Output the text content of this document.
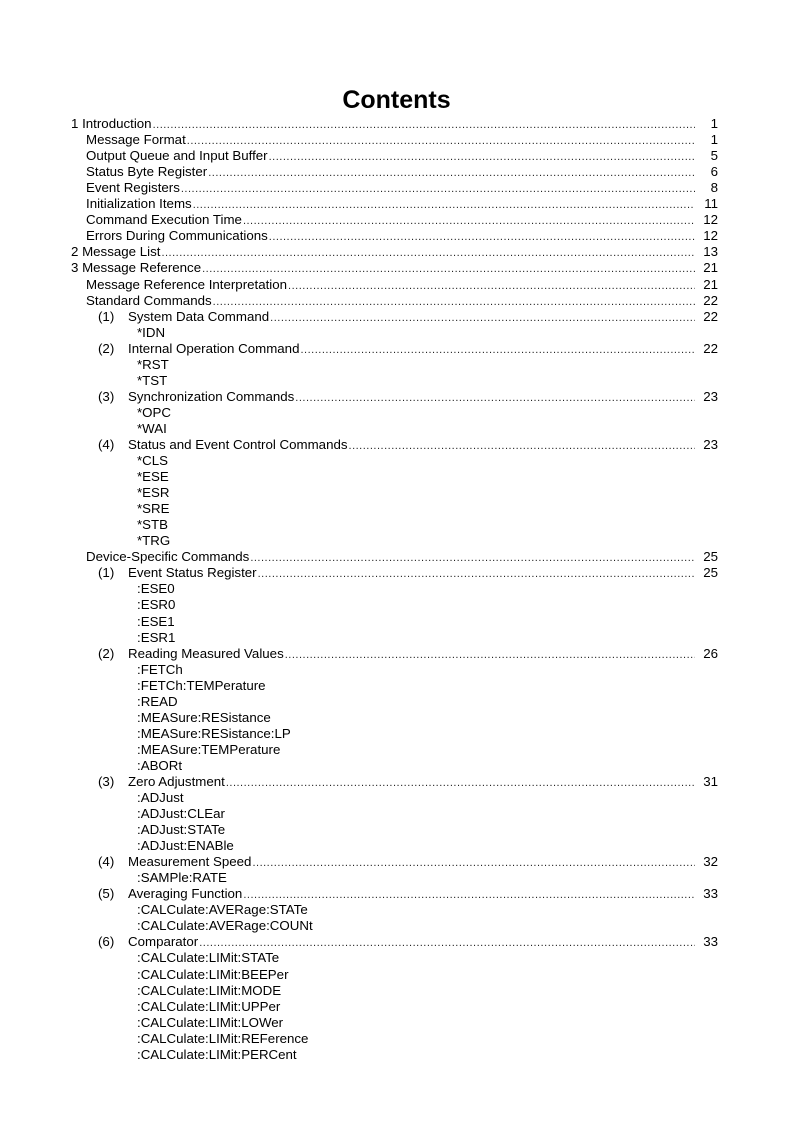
Contents
1 Introduction .....	1
Message Format .....	1
Output Queue and Input Buffer .....	5
Status Byte Register .....	6
Event Registers .....	8
Initialization Items .....	11
Command Execution Time .....	12
Errors During Communications .....	12
2 Message List .....	13
3 Message Reference .....	21
Message Reference Interpretation .....	21
Standard Commands .....	22
(1)	System Data Command .....	22
*IDN
(2)	Internal Operation Command .....	22
*RST
*TST
(3)	Synchronization Commands .....	23
*OPC
*WAI
(4)	Status and Event Control Commands .....	23
*CLS
*ESE
*ESR
*SRE
*STB
*TRG
Device-Specific Commands .....	25
(1)	Event Status Register .....	25
:ESE0
:ESR0
:ESE1
:ESR1
(2)	Reading Measured Values .....	26
:FETCh
:FETCh:TEMPerature
:READ
:MEASure:RESistance
:MEASure:RESistance:LP
:MEASure:TEMPerature
:ABORt
(3)	Zero Adjustment .....	31
:ADJust
:ADJust:CLEar
:ADJust:STATe
:ADJust:ENABle
(4)	Measurement Speed .....	32
:SAMPle:RATE
(5)	Averaging Function .....	33
:CALCulate:AVERage:STATe
:CALCulate:AVERage:COUNt
(6)	Comparator .....	33
:CALCulate:LIMit:STATe
:CALCulate:LIMit:BEEPer
:CALCulate:LIMit:MODE
:CALCulate:LIMit:UPPer
:CALCulate:LIMit:LOWer
:CALCulate:LIMit:REFerence
:CALCulate:LIMit:PERCent
